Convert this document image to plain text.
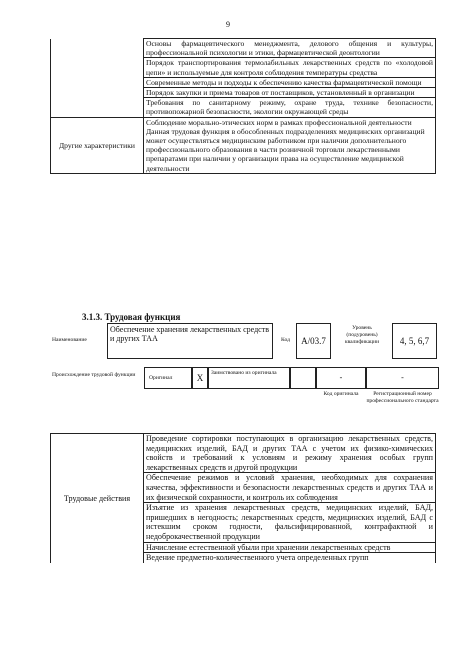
9
	Основы фармацевтического менеджмента, делового общения и культуры, профессиональной психологии и этики, фармацевтической деонтологии
	Порядок транспортирования термолабильных лекарственных средств по «холодовой цепи» и используемые для контроля соблюдения температуры средства
	Современные методы и подходы к обеспечению качества фармацевтической помощи
	Порядок закупки и приема товаров от поставщиков, установленный в организации
	Требования по санитарному режиму, охране труда, технике безопасности, противопожарной безопасности, экологии окружающей среды
Другие характеристики	Соблюдение морально-этических норм в рамках профессиональной деятельности
Данная трудовая функция в обособленных подразделениях медицинских организаций может осуществляться медицинским работником при наличии дополнительного профессионального образования в части розничной торговли лекарственными препаратами при наличии у организации права на осуществление медицинской деятельности
3.1.3. Трудовая функция
Наименование
Обеспечение хранения лекарственных средств и других ТАА	Код	А/03.7
Уровень (подуровень) квалификации	4, 5, 6,7
Происхождение трудовой функции	Оригинал	Х	Заимствовано из оригинала	-	-
Код оригинала	Регистрационный номер профессионального стандарта
Трудовые действия	Проведение сортировки поступающих в организацию лекарственных средств, медицинских изделий, БАД и других ТАА с учетом их физико-химических свойств и требований к условиям и режиму хранения особых групп лекарственных средств и другой продукции
Обеспечение режимов и условий хранения, необходимых для сохранения качества, эффективности и безопасности лекарственных средств и других ТАА и их физической сохранности, и контроль их соблюдения
Изъятие из хранения лекарственных средств, медицинских изделий, БАД, пришедших в негодность; лекарственных средств, медицинских изделий, БАД с истекшим сроком годности, фальсифицированной, контрафактной и недоброкачественной продукции
Начисление естественной убыли при хранении лекарственных средств
Ведение предметно-количественного учета определенных групп
